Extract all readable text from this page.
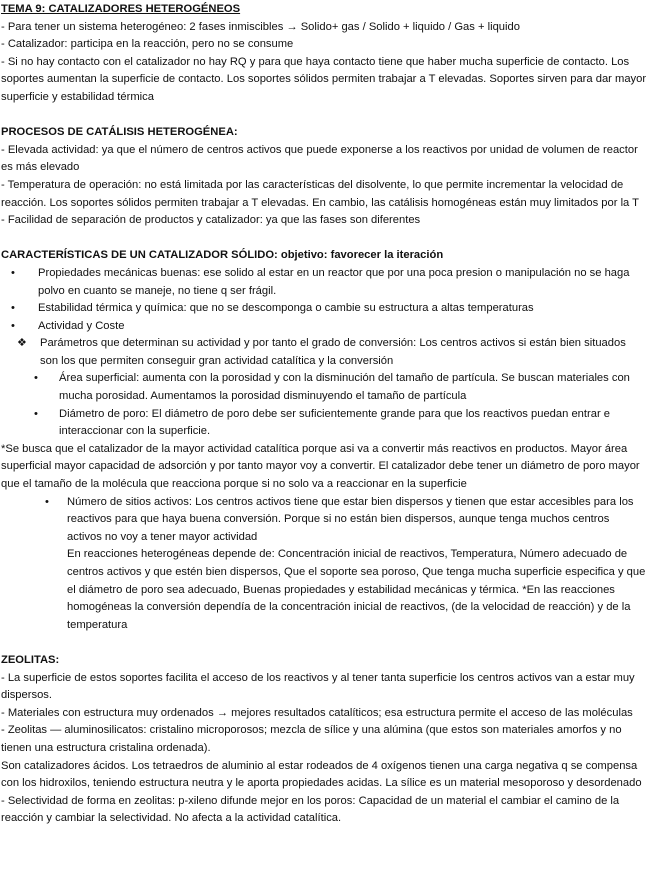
TEMA 9: CATALIZADORES HETEROGÉNEOS

- Para tener un sistema heterogéneo: 2 fases inmiscibles → Solido+ gas / Solido + liquido / Gas + liquido

- Catalizador: participa en la reacción, pero no se consume

- Si no hay contacto con el catalizador no hay RQ y para que haya contacto tiene que haber mucha superficie de contacto. Los soportes aumentan la superficie de contacto. Los soportes sólidos permiten trabajar a T elevadas. Soportes sirven para dar mayor superficie y estabilidad térmica

PROCESOS DE CATÁLISIS HETEROGÉNEA:

- Elevada actividad: ya que el número de centros activos que puede exponerse a los reactivos por unidad de volumen de reactor es más elevado

- Temperatura de operación: no está limitada por las características del disolvente, lo que permite incrementar la velocidad de reacción. Los soportes sólidos permiten trabajar a T elevadas. En cambio, las catálisis homogéneas están muy limitados por la T

- Facilidad de separación de productos y catalizador: ya que las fases son diferentes

CARACTERÍSTICAS DE UN CATALIZADOR SÓLIDO: objetivo: favorecer la iteración

• Propiedades mecánicas buenas: ese solido al estar en un reactor que por una poca presion o manipulación no se haga polvo en cuanto se maneje, no tiene q ser frágil.
• Estabilidad térmica y química: que no se descomponga o cambie su estructura a altas temperaturas
• Actividad y Coste
❖ Parámetros que determinan su actividad y por tanto el grado de conversión: Los centros activos si están bien situados son los que permiten conseguir gran actividad catalítica y la conversión
• Área superficial: aumenta con la porosidad y con la disminución del tamaño de partícula. Se buscan materiales con mucha porosidad. Aumentamos la porosidad disminuyendo el tamaño de partícula
• Diámetro de poro: El diámetro de poro debe ser suficientemente grande para que los reactivos puedan entrar e interaccionar con la superficie.

*Se busca que el catalizador de la mayor actividad catalítica porque asi va a convertir más reactivos en productos. Mayor área superficial mayor capacidad de adsorción y por tanto mayor voy a convertir. El catalizador debe tener un diámetro de poro mayor que el tamaño de la molécula que reacciona porque si no solo va a reaccionar en la superficie

• Número de sitios activos: Los centros activos tiene que estar bien dispersos y tienen que estar accesibles para los reactivos para que haya buena conversión. Porque si no están bien dispersos, aunque tenga muchos centros activos no voy a tener mayor actividad
En reacciones heterogéneas depende de: Concentración inicial de reactivos, Temperatura, Número adecuado de centros activos y que estén bien dispersos, Que el soporte sea poroso, Que tenga mucha superficie especifica y que el diámetro de poro sea adecuado, Buenas propiedades y estabilidad mecánicas y térmica. *En las reacciones homogéneas la conversión dependía de la concentración inicial de reactivos, (de la velocidad de reacción) y de la temperatura

ZEOLITAS:

- La superficie de estos soportes facilita el acceso de los reactivos y al tener tanta superficie los centros activos van a estar muy dispersos.

- Materiales con estructura muy ordenados → mejores resultados catalíticos; esa estructura permite el acceso de las moléculas

- Zeolitas — aluminosilicatos: cristalino microporosos; mezcla de sílice y una alúmina (que estos son materiales amorfos y no tienen una estructura cristalina ordenada).

Son catalizadores ácidos. Los tetraedros de aluminio al estar rodeados de 4 oxígenos tienen una carga negativa q se compensa con los hidroxilos, teniendo estructura neutra y le aporta propiedades acidas. La sílice es un material mesoporoso y desordenado

- Selectividad de forma en zeolitas: p-xileno difunde mejor en los poros: Capacidad de un material el cambiar el camino de la reacción y cambiar la selectividad. No afecta a la actividad catalítica.
